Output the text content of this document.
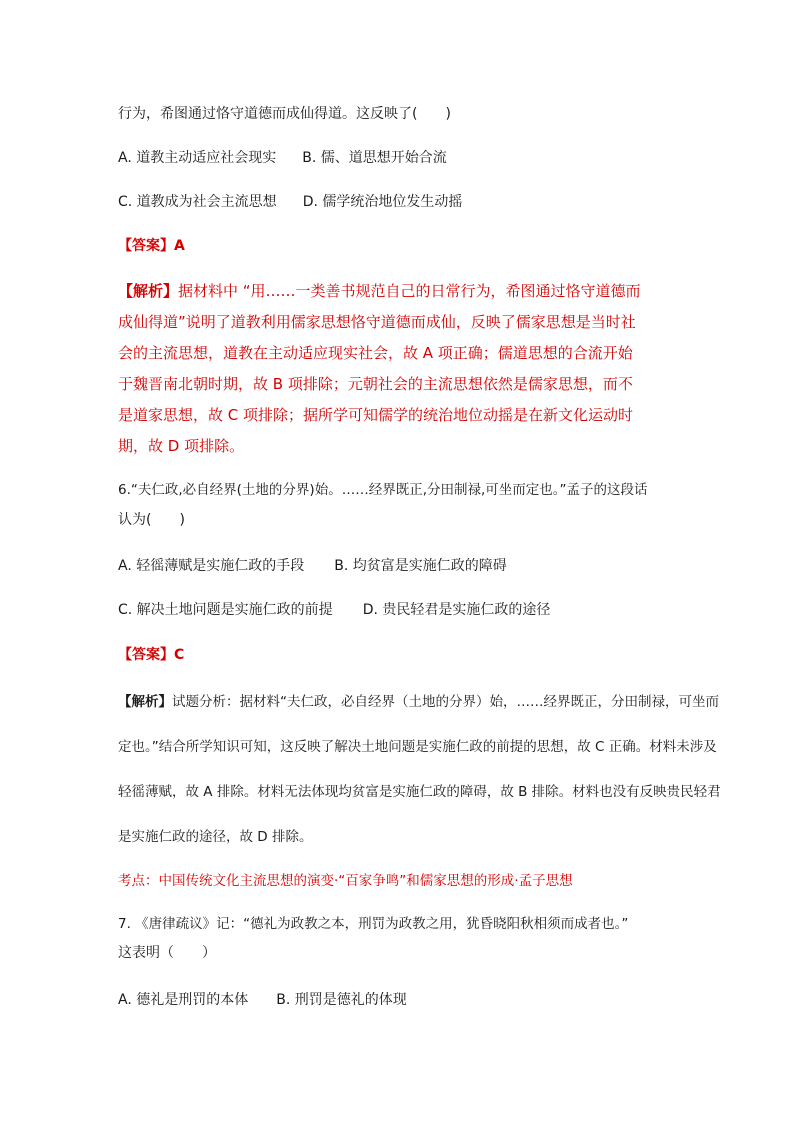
行为，希图通过恪守道德而成仙得道。这反映了(　　)
A. 道教主动适应社会现实 B. 儒、道思想开始合流
C. 道教成为社会主流思想 D. 儒学统治地位发生动摇
【答案】A
【解析】据材料中 “用……一类善书规范自己的日常行为，希图通过恪守道德而
成仙得道”说明了道教利用儒家思想恪守道德而成仙，反映了儒家思想是当时社
会的主流思想，道教在主动适应现实社会，故 A 项正确；儒道思想的合流开始
于魏晋南北朝时期，故 B 项排除；元朝社会的主流思想依然是儒家思想，而不
是道家思想，故 C 项排除；据所学可知儒学的统治地位动摇是在新文化运动时
期，故 D 项排除。
6.“夫仁政,必自经界(土地的分界)始。……经界既正,分田制禄,可坐而定也。”孟子的这段话
认为(　　)
A. 轻徭薄赋是实施仁政的手段 B. 均贫富是实施仁政的障碍
C. 解决土地问题是实施仁政的前提 D. 贵民轻君是实施仁政的途径
【答案】C
【解析】试题分析：据材料“夫仁政，必自经界（土地的分界）始，……经界既正，分田制禄，可坐而
定也。”结合所学知识可知，这反映了解决土地问题是实施仁政的前提的思想，故 C 正确。材料未涉及
轻徭薄赋，故 A 排除。材料无法体现均贫富是实施仁政的障碍，故 B 排除。材料也没有反映贵民轻君
是实施仁政的途径，故 D 排除。
考点：中国传统文化主流思想的演变·“百家争鸣”和儒家思想的形成·孟子思想
7. 《唐律疏议》记：“德礼为政教之本，刑罚为政教之用，犹昏晓阳秋相须而成者也。”
这表明（　　）
A. 德礼是刑罚的本体 B. 刑罚是德礼的体现
